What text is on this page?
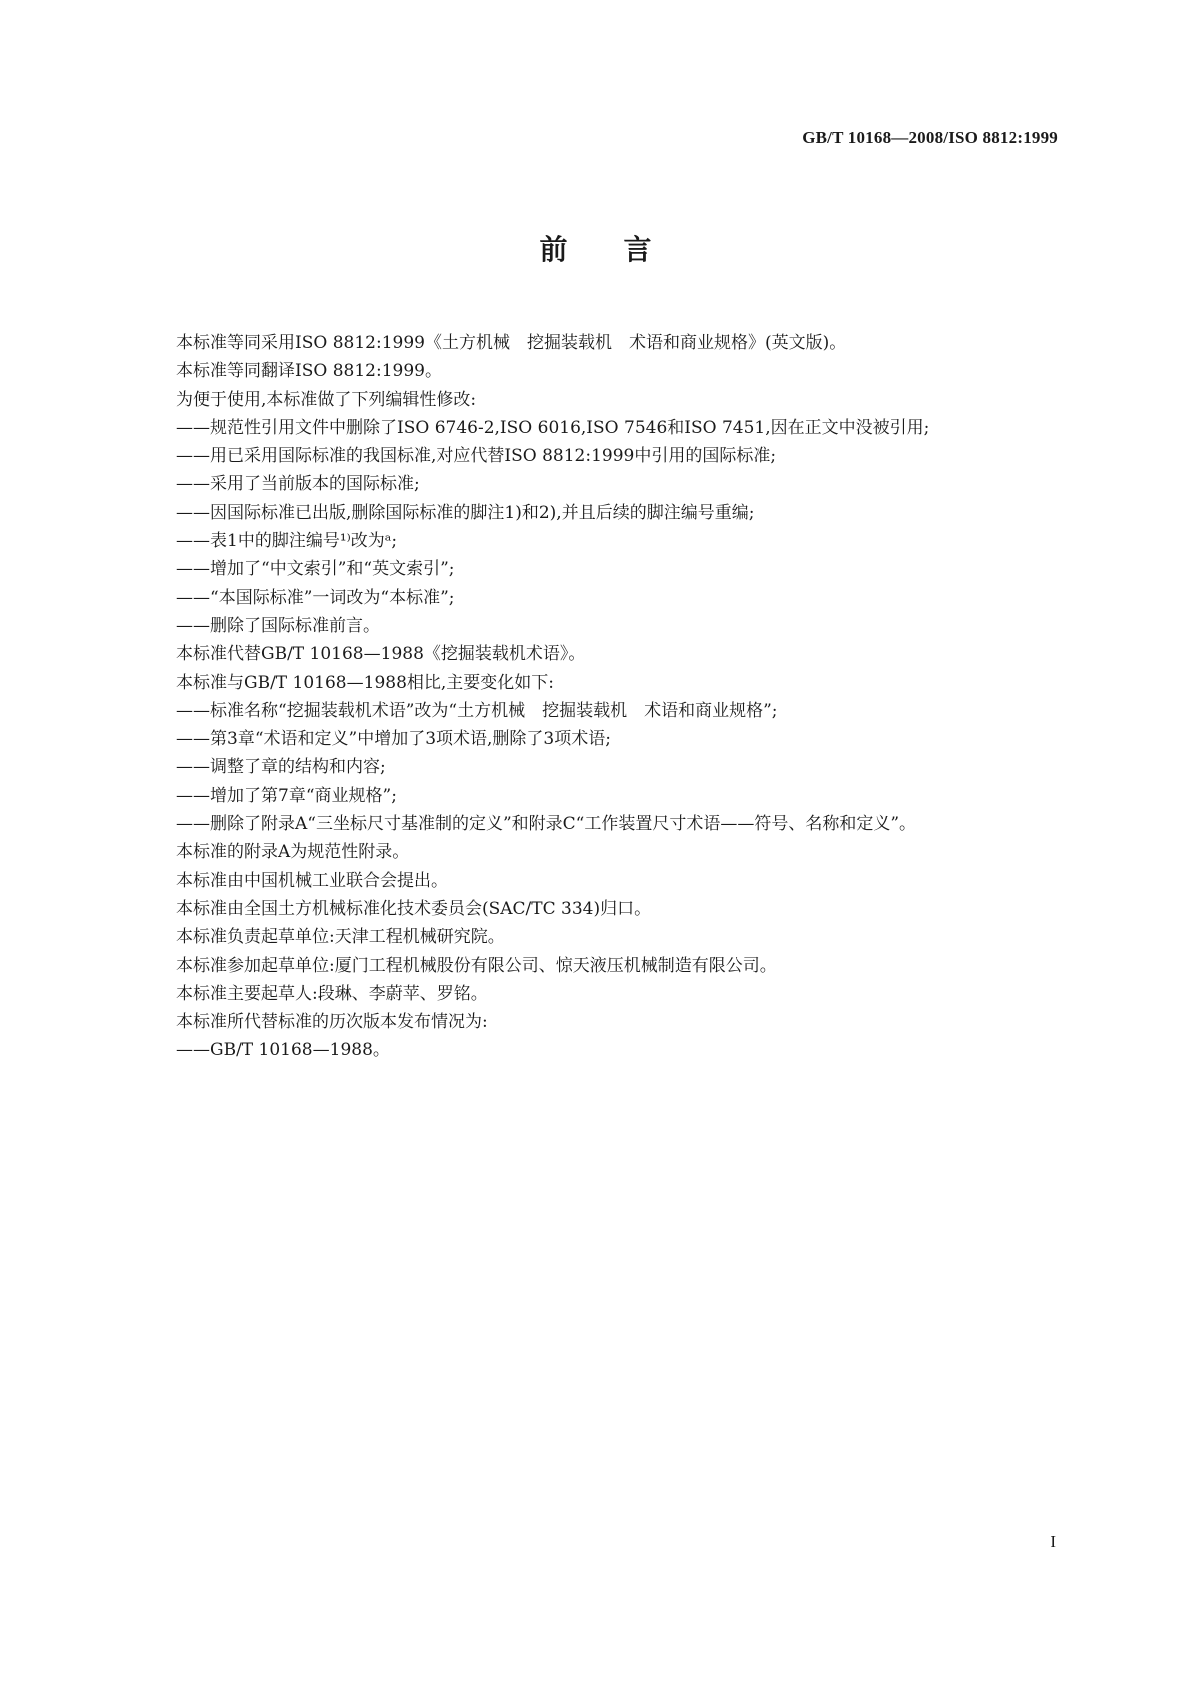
GB/T 10168—2008/ISO 8812:1999
前言

本标准等同采用ISO 8812:1999《土方机械　挖掘装载机　术语和商业规格》(英文版)。

本标准等同翻译ISO 8812:1999。

为便于使用,本标准做了下列编辑性修改:

——规范性引用文件中删除了ISO 6746-2,ISO 6016,ISO 7546和ISO 7451,因在正文中没被引用;

——用已采用国际标准的我国标准,对应代替ISO 8812:1999中引用的国际标准;

——采用了当前版本的国际标准;

——因国际标准已出版,删除国际标准的脚注1)和2),并且后续的脚注编号重编;

——表1中的脚注编号¹⁾改为ᵃ;

——增加了“中文索引”和“英文索引”;

——“本国际标准”一词改为“本标准”;

——删除了国际标准前言。

本标准代替GB/T 10168—1988《挖掘装载机术语》。

本标准与GB/T 10168—1988相比,主要变化如下:

——标准名称“挖掘装载机术语”改为“土方机械　挖掘装载机　术语和商业规格”;

——第3章“术语和定义”中增加了3项术语,删除了3项术语;

——调整了章的结构和内容;

——增加了第7章“商业规格”;

——删除了附录A“三坐标尺寸基准制的定义”和附录C“工作装置尺寸术语——符号、名称和定义”。

本标准的附录A为规范性附录。

本标准由中国机械工业联合会提出。

本标准由全国土方机械标准化技术委员会(SAC/TC 334)归口。

本标准负责起草单位:天津工程机械研究院。

本标准参加起草单位:厦门工程机械股份有限公司、惊天液压机械制造有限公司。

本标准主要起草人:段琳、李蔚苹、罗铭。

本标准所代替标准的历次版本发布情况为:

——GB/T 10168—1988。

I
